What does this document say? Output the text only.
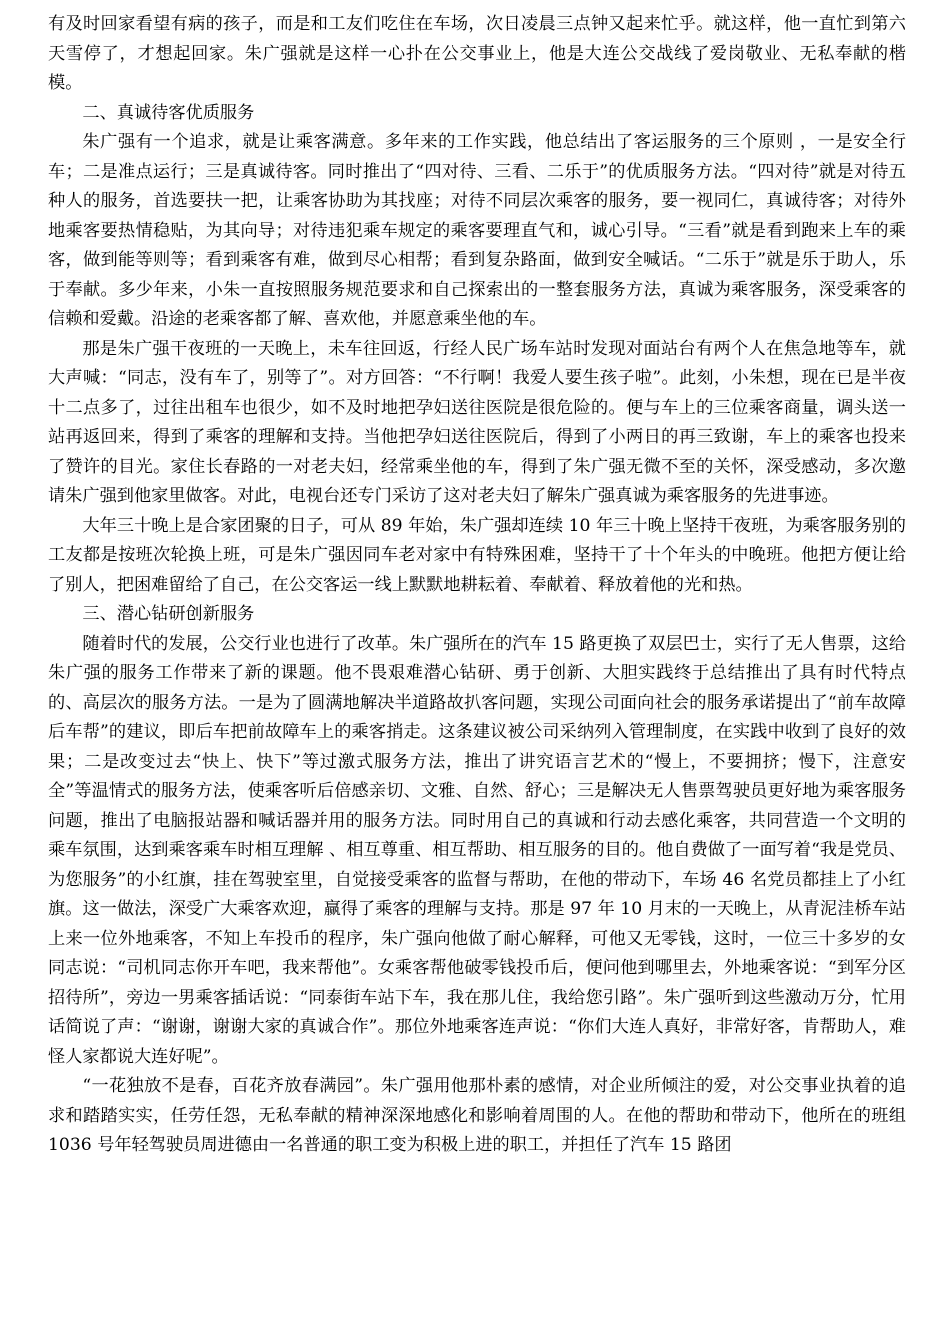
有及时回家看望有病的孩子，而是和工友们吃住在车场，次日凌晨三点钟又起来忙乎。就这样，他一直忙到第六天雪停了，才想起回家。朱广强就是这样一心扑在公交事业上，他是大连公交战线了爱岗敬业、无私奉献的楷模。

二、真诚待客优质服务

朱广强有一个追求，就是让乘客满意。多年来的工作实践，他总结出了客运服务的三个原则 ，一是安全行车；二是准点运行；三是真诚待客。同时推出了“四对待、三看、二乐于”的优质服务方法。“四对待”就是对待五种人的服务，首选要扶一把，让乘客协助为其找座；对待不同层次乘客的服务，要一视同仁，真诚待客；对待外地乘客要热情稳贴，为其向导；对待违犯乘车规定的乘客要理直气和，诚心引导。“三看”就是看到跑来上车的乘客，做到能等则等；看到乘客有难，做到尽心相帮；看到复杂路面，做到安全喊话。“二乐于”就是乐于助人，乐于奉献。多少年来，小朱一直按照服务规范要求和自己探索出的一整套服务方法，真诚为乘客服务，深受乘客的信赖和爱戴。沿途的老乘客都了解、喜欢他，并愿意乘坐他的车。

那是朱广强干夜班的一天晚上，未车往回返，行经人民广场车站时发现对面站台有两个人在焦急地等车，就大声喊：“同志，没有车了，别等了”。对方回答：“不行啊！我爱人要生孩子啦”。此刻，小朱想，现在已是半夜十二点多了，过往出租车也很少，如不及时地把孕妇送往医院是很危险的。便与车上的三位乘客商量，调头送一站再返回来，得到了乘客的理解和支持。当他把孕妇送往医院后，得到了小两日的再三致谢，车上的乘客也投来了赞许的目光。家住长春路的一对老夫妇，经常乘坐他的车，得到了朱广强无微不至的关怀，深受感动，多次邀请朱广强到他家里做客。对此，电视台还专门采访了这对老夫妇了解朱广强真诚为乘客服务的先进事迹。

大年三十晚上是合家团聚的日子，可从 89 年始，朱广强却连续 10 年三十晚上坚持干夜班，为乘客服务别的工友都是按班次轮换上班，可是朱广强因同车老对家中有特殊困难，坚持干了十个年头的中晚班。他把方便让给了别人，把困难留给了自己，在公交客运一线上默默地耕耘着、奉献着、释放着他的光和热。

三、潜心钻研创新服务

随着时代的发展，公交行业也进行了改革。朱广强所在的汽车 15 路更换了双层巴士，实行了无人售票，这给朱广强的服务工作带来了新的课题。他不畏艰难潜心钻研、勇于创新、大胆实践终于总结推出了具有时代特点的、高层次的服务方法。一是为了圆满地解决半道路故扒客问题，实现公司面向社会的服务承诺提出了“前车故障后车帮”的建议，即后车把前故障车上的乘客捎走。这条建议被公司采纳列入管理制度，在实践中收到了良好的效果；二是改变过去“快上、快下”等过激式服务方法，推出了讲究语言艺术的“慢上，不要拥挤；慢下，注意安全”等温情式的服务方法，使乘客听后倍感亲切、文雅、自然、舒心；三是解决无人售票驾驶员更好地为乘客服务问题，推出了电脑报站器和喊话器并用的服务方法。同时用自己的真诚和行动去感化乘客，共同营造一个文明的乘车氛围，达到乘客乘车时相互理解 、相互尊重、相互帮助、相互服务的目的。他自费做了一面写着“我是党员、为您服务”的小红旗，挂在驾驶室里，自觉接受乘客的监督与帮助，在他的带动下，车场 46 名党员都挂上了小红旗。这一做法，深受广大乘客欢迎，赢得了乘客的理解与支持。那是 97 年 10 月末的一天晚上，从青泥洼桥车站上来一位外地乘客，不知上车投币的程序，朱广强向他做了耐心解释，可他又无零钱，这时，一位三十多岁的女同志说：“司机同志你开车吧，我来帮他”。女乘客帮他破零钱投币后，便问他到哪里去，外地乘客说：“到军分区招待所”，旁边一男乘客插话说：“同泰街车站下车，我在那儿住，我给您引路”。朱广强听到这些激动万分，忙用话简说了声：“谢谢，谢谢大家的真诚合作”。那位外地乘客连声说：“你们大连人真好，非常好客，肯帮助人，难怪人家都说大连好呢”。

“一花独放不是春，百花齐放春满园”。朱广强用他那朴素的感情，对企业所倾注的爱，对公交事业执着的追求和踏踏实实，任劳任怨，无私奉献的精神深深地感化和影响着周围的人。在他的帮助和带动下，他所在的班组 1036 号年轻驾驶员周进德由一名普通的职工变为积极上进的职工，并担任了汽车 15 路团
